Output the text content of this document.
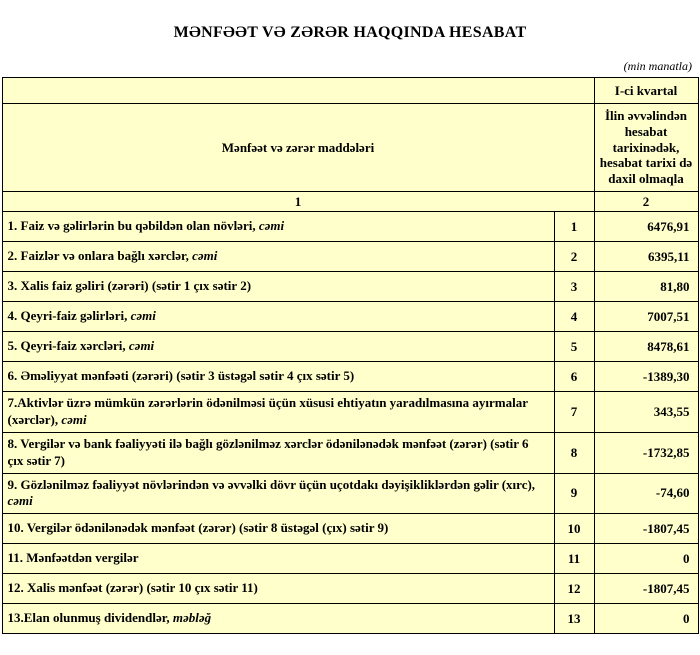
MƏNFƏƏT VƏ ZƏRƏR HAQQINDA HESABAT
(min manatla)
		I-ci kvartal
Mənfəət və zərər maddələri		İlin əvvəlindən hesabat tarixinədək, hesabat tarixi də daxil olmaqla
1		2
1. Faiz və gəlirlərin bu qəbildən olan növləri, cəmi	1	6476,91
2. Faizlər və onlara bağlı xərclər, cəmi	2	6395,11
3. Xalis faiz gəliri (zərəri) (sətir 1 çıx sətir 2)	3	81,80
4. Qeyri-faiz gəlirləri, cəmi	4	7007,51
5. Qeyri-faiz xərcləri, cəmi	5	8478,61
6. Əməliyyat mənfəəti (zərəri) (sətir 3 üstəgəl sətir 4 çıx sətir 5)	6	-1389,30
7.Aktivlər üzrə mümkün zərərlərin ödənilməsi üçün xüsusi ehtiyatın yaradılmasına ayırmalar (xərclər), cəmi	7	343,55
8. Vergilər və bank fəaliyyəti ilə bağlı gözlənilməz xərclər ödənilənədək mənfəət (zərər) (sətir 6 çıx sətir 7)	8	-1732,85
9. Gözlənilməz fəaliyyət növlərindən və əvvəlki dövr üçün uçotdakı dəyişikliklərdən gəlir (xırc), cəmi	9	-74,60
10. Vergilər ödənilənədək mənfəət (zərər) (sətir 8 üstəgəl (çıx) sətir 9)	10	-1807,45
11. Mənfəətdən vergilər	11	0
12. Xalis mənfəət (zərər) (sətir 10 çıx sətir 11)	12	-1807,45
13.Elan olunmuş dividendlər, məbləğ	13	0
